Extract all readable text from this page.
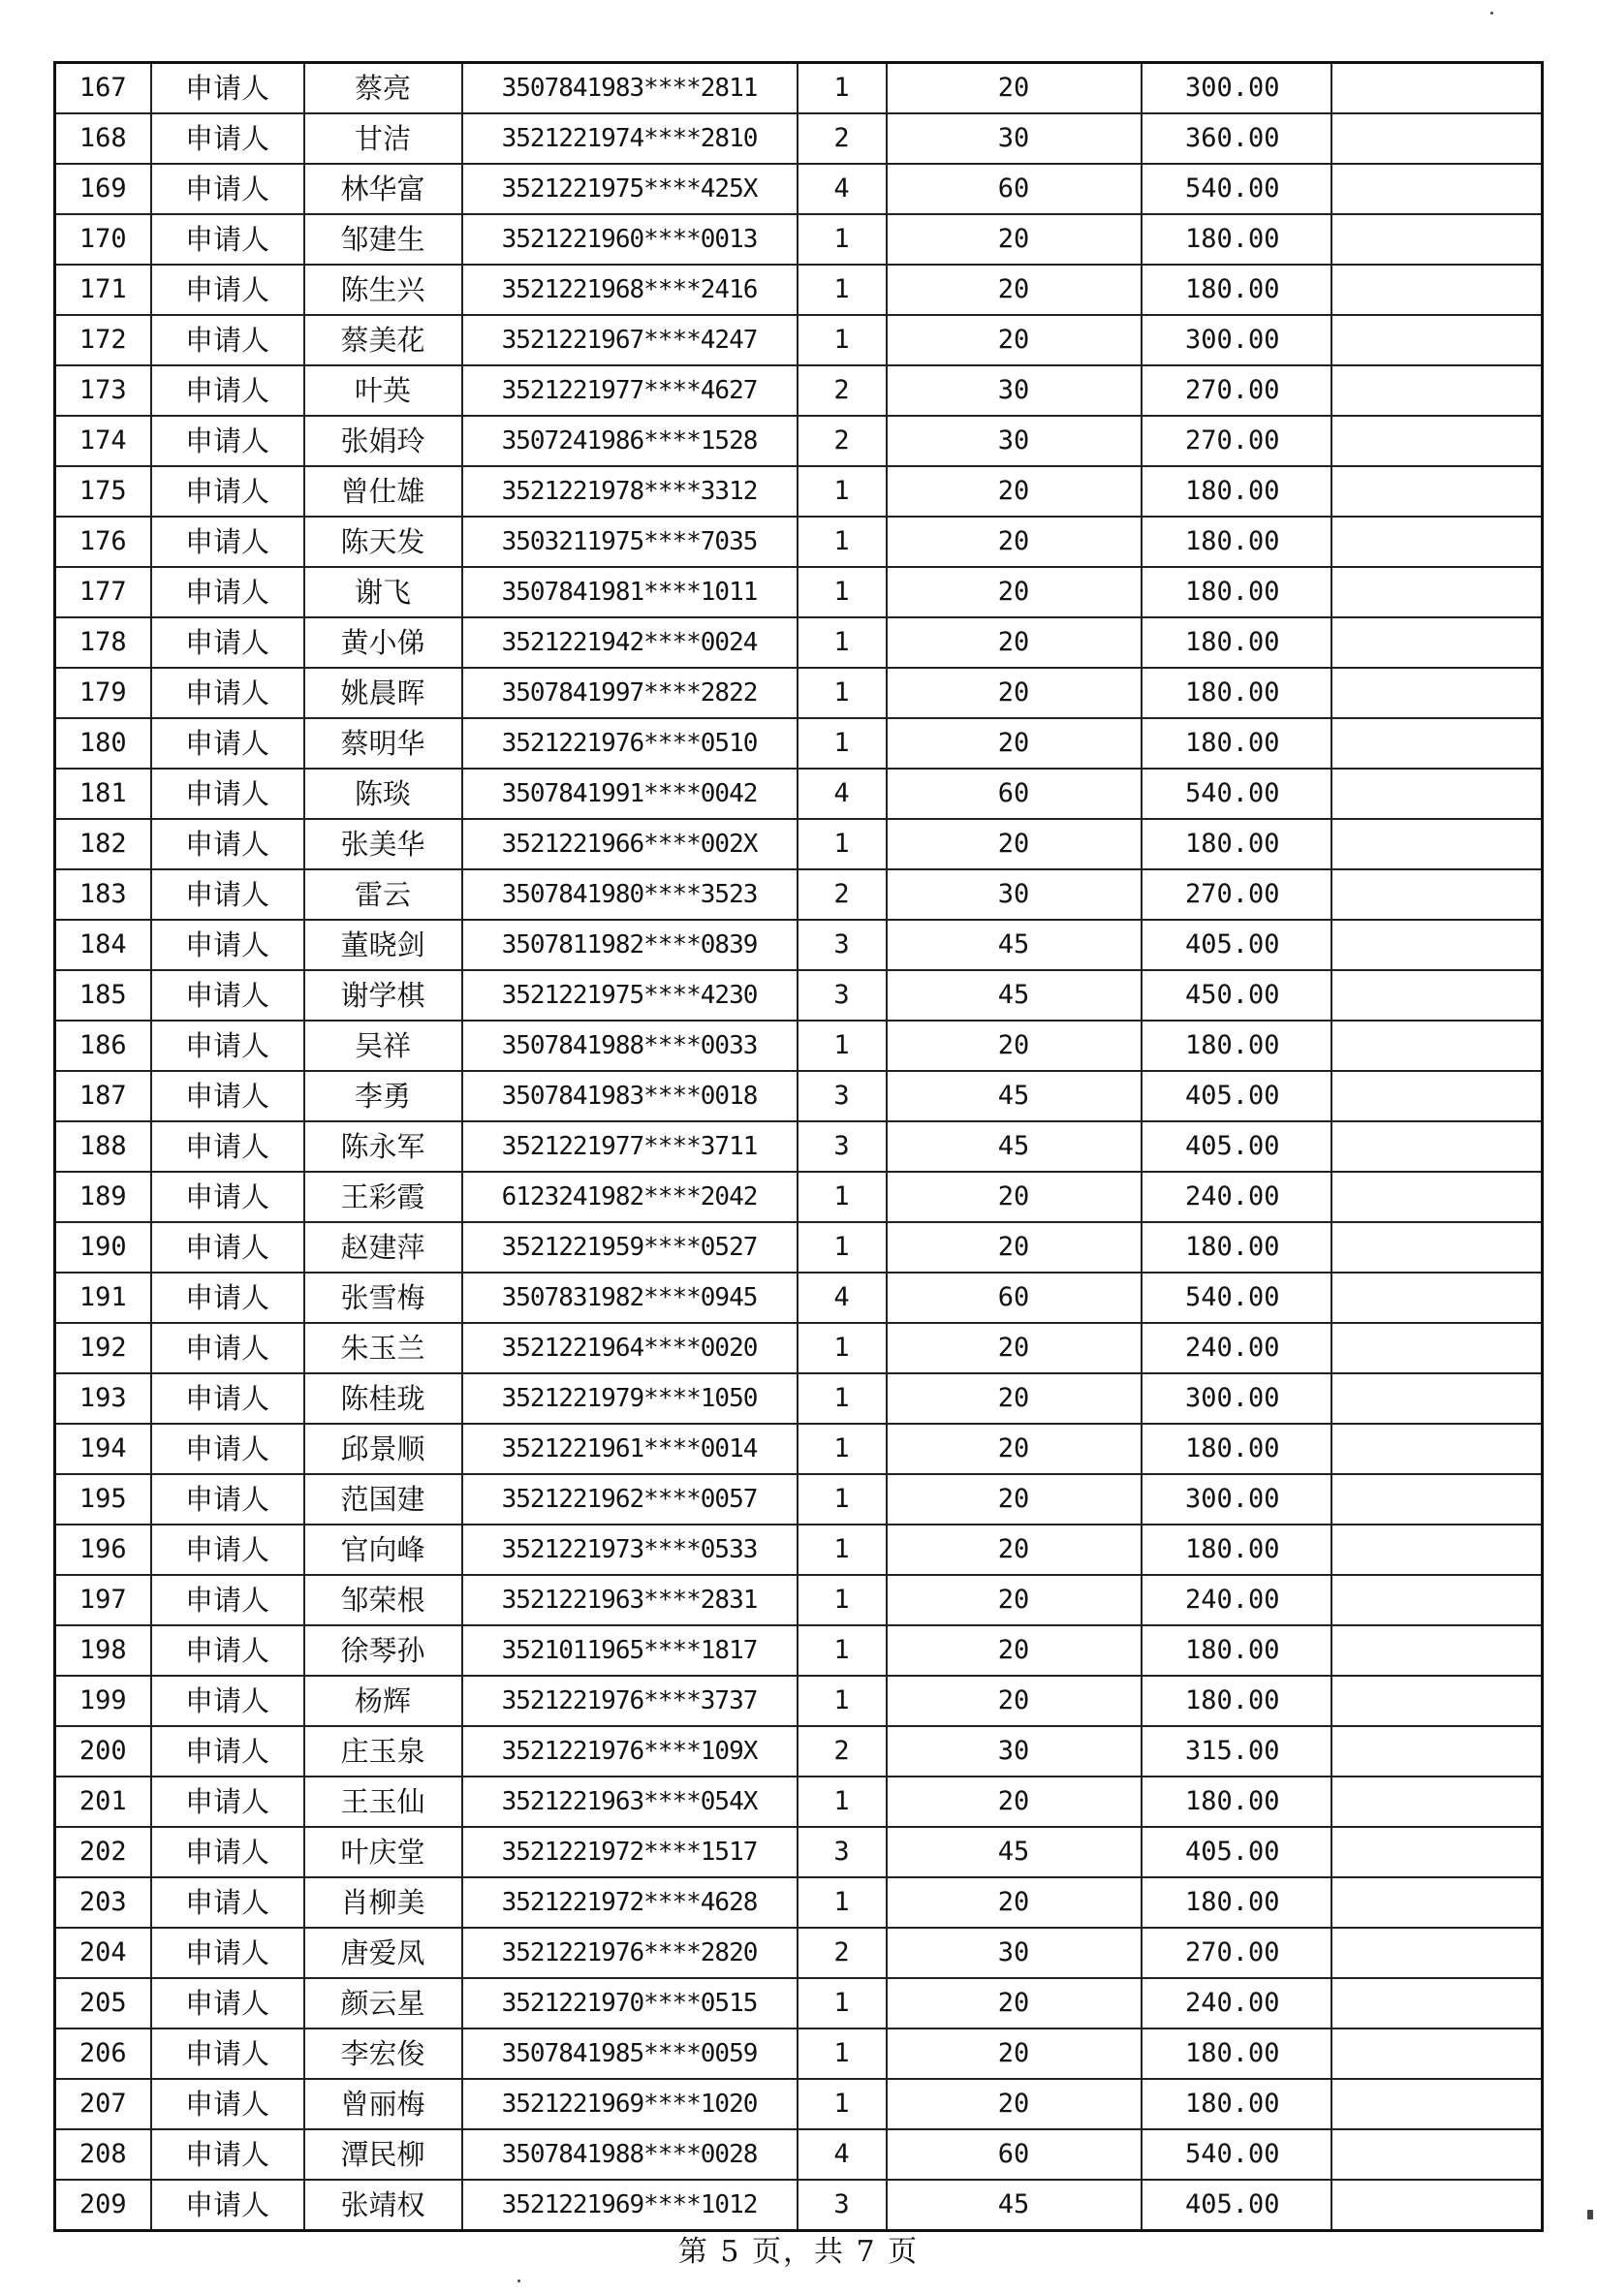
167	申请人	蔡亮	3507841983****2811	1	20	300.00	
168	申请人	甘洁	3521221974****2810	2	30	360.00	
169	申请人	林华富	3521221975****425X	4	60	540.00	
170	申请人	邹建生	3521221960****0013	1	20	180.00	
171	申请人	陈生兴	3521221968****2416	1	20	180.00	
172	申请人	蔡美花	3521221967****4247	1	20	300.00	
173	申请人	叶英	3521221977****4627	2	30	270.00	
174	申请人	张娟玲	3507241986****1528	2	30	270.00	
175	申请人	曾仕雄	3521221978****3312	1	20	180.00	
176	申请人	陈天发	3503211975****7035	1	20	180.00	
177	申请人	谢飞	3507841981****1011	1	20	180.00	
178	申请人	黄小俤	3521221942****0024	1	20	180.00	
179	申请人	姚晨晖	3507841997****2822	1	20	180.00	
180	申请人	蔡明华	3521221976****0510	1	20	180.00	
181	申请人	陈琰	3507841991****0042	4	60	540.00	
182	申请人	张美华	3521221966****002X	1	20	180.00	
183	申请人	雷云	3507841980****3523	2	30	270.00	
184	申请人	董晓剑	3507811982****0839	3	45	405.00	
185	申请人	谢学棋	3521221975****4230	3	45	450.00	
186	申请人	吴祥	3507841988****0033	1	20	180.00	
187	申请人	李勇	3507841983****0018	3	45	405.00	
188	申请人	陈永军	3521221977****3711	3	45	405.00	
189	申请人	王彩霞	6123241982****2042	1	20	240.00	
190	申请人	赵建萍	3521221959****0527	1	20	180.00	
191	申请人	张雪梅	3507831982****0945	4	60	540.00	
192	申请人	朱玉兰	3521221964****0020	1	20	240.00	
193	申请人	陈桂珑	3521221979****1050	1	20	300.00	
194	申请人	邱景顺	3521221961****0014	1	20	180.00	
195	申请人	范国建	3521221962****0057	1	20	300.00	
196	申请人	官向峰	3521221973****0533	1	20	180.00	
197	申请人	邹荣根	3521221963****2831	1	20	240.00	
198	申请人	徐琴孙	3521011965****1817	1	20	180.00	
199	申请人	杨辉	3521221976****3737	1	20	180.00	
200	申请人	庄玉泉	3521221976****109X	2	30	315.00	
201	申请人	王玉仙	3521221963****054X	1	20	180.00	
202	申请人	叶庆堂	3521221972****1517	3	45	405.00	
203	申请人	肖柳美	3521221972****4628	1	20	180.00	
204	申请人	唐爱凤	3521221976****2820	2	30	270.00	
205	申请人	颜云星	3521221970****0515	1	20	240.00	
206	申请人	李宏俊	3507841985****0059	1	20	180.00	
207	申请人	曾丽梅	3521221969****1020	1	20	180.00	
208	申请人	潭民柳	3507841988****0028	4	60	540.00	
209	申请人	张靖权	3521221969****1012	3	45	405.00	
第 5 页，共 7 页
